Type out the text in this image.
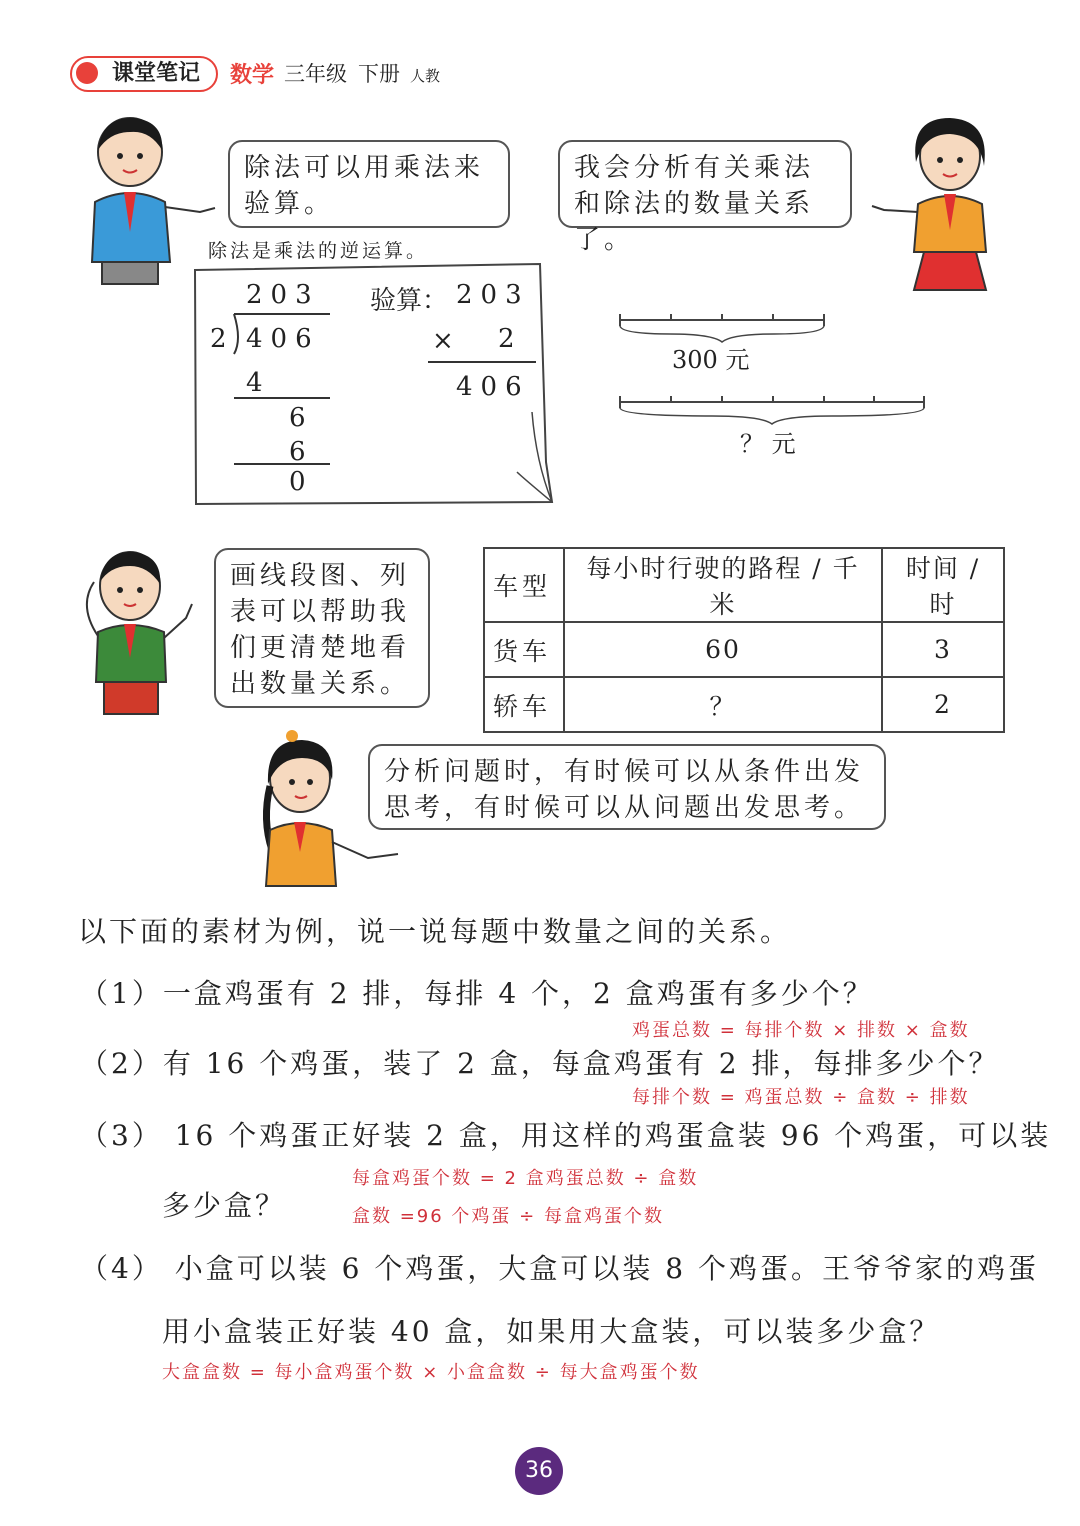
课堂笔记	数学 三年级 下册 人教
除法可以用乘法来验算。
我会分析有关乘法和除法的数量关系了。
除法是乘法的逆运算。
203
2 406
4
6
6
0
验算： 203
× 2
406
300 元
？ 元
画线段图、列表可以帮助我们更清楚地看出数量关系。
车型	每小时行驶的路程 / 千米	时间 / 时
货车	60	3
轿车	？	2
分析问题时，有时候可以从条件出发思考，有时候可以从问题出发思考。
以下面的素材为例，说一说每题中数量之间的关系。
（1）一盒鸡蛋有 2 排，每排 4 个，2 盒鸡蛋有多少个？
鸡蛋总数 = 每排个数 × 排数 × 盒数
（2）有 16 个鸡蛋，装了 2 盒，每盒鸡蛋有 2 排，每排多少个？
每排个数 = 鸡蛋总数 ÷ 盒数 ÷ 排数
（3） 16 个鸡蛋正好装 2 盒，用这样的鸡蛋盒装 96 个鸡蛋，可以装
每盒鸡蛋个数 = 2 盒鸡蛋总数 ÷ 盒数
多少盒？	盒数 =96 个鸡蛋 ÷ 每盒鸡蛋个数
（4） 小盒可以装 6 个鸡蛋，大盒可以装 8 个鸡蛋。王爷爷家的鸡蛋
用小盒装正好装 40 盒，如果用大盒装，可以装多少盒？
大盒盒数 = 每小盒鸡蛋个数 × 小盒盒数 ÷ 每大盒鸡蛋个数
36
